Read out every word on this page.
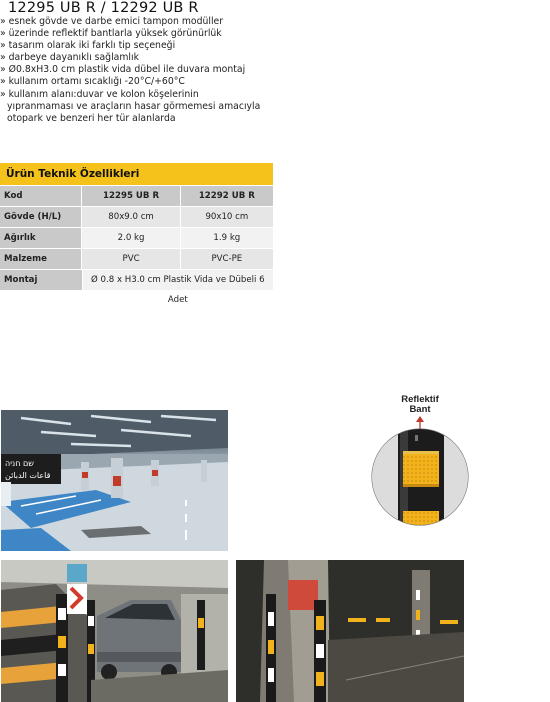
12295 UB R / 12292 UB R
» esnek gövde ve darbe emici tampon modüller
» üzerinde reflektif bantlarla yüksek görünürlük
» tasarım olarak iki farklı tip seçeneği
» darbeye dayanıklı sağlamlık
» Ø0.8xH3.0 cm plastik vida dübel ile duvara montaj
» kullanım ortamı sıcaklığı -20°C/+60°C
» kullanım alanı:duvar ve kolon köşelerinin
yıpranmaması ve araçların hasar görmemesi amacıyla
otopark ve benzeri her tür alanlarda
Ürün Teknik Özellikleri
Kod	12295 UB R	12292 UB R
Gövde (H/L)	80x9.0 cm	90x10 cm
Ağırlık	2.0 kg	1.9 kg
Malzeme	PVC	PVC-PE
Montaj	Ø 0.8 x H3.0 cm Plastik Vida ve Dübeli 6 Adet
שם חניה
قاعات الدبائن
Reflektif
Bant
